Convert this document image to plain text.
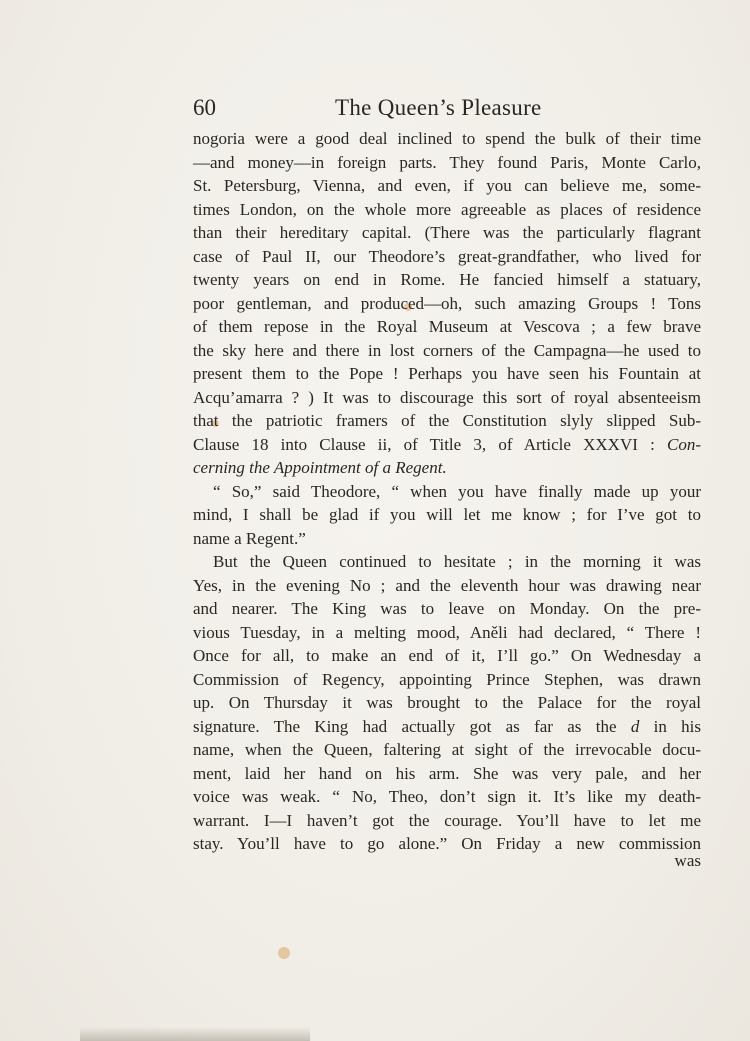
60	The Queen’s Pleasure
nogoria were a good deal inclined to spend the bulk of their time
—and money—in foreign parts. They found Paris, Monte Carlo,
St. Petersburg, Vienna, and even, if you can believe me, some-
times London, on the whole more agreeable as places of residence
than their hereditary capital. (There was the particularly flagrant
case of Paul II, our Theodore’s great-grandfather, who lived for
twenty years on end in Rome. He fancied himself a statuary,
poor gentleman, and produced—oh, such amazing Groups ! Tons
of them repose in the Royal Museum at Vescova ; a few brave
the sky here and there in lost corners of the Campagna—he used to
present them to the Pope ! Perhaps you have seen his Fountain at
Acqu’amarra ? ) It was to discourage this sort of royal absenteeism
that the patriotic framers of the Constitution slyly slipped Sub-
Clause 18 into Clause ii, of Title 3, of Article XXXVI : Con-
cerning the Appointment of a Regent.
“ So,” said Theodore, “ when you have finally made up your
mind, I shall be glad if you will let me know ; for I’ve got to
name a Regent.”
But the Queen continued to hesitate ; in the morning it was
Yes, in the evening No ; and the eleventh hour was drawing near
and nearer. The King was to leave on Monday. On the pre-
vious Tuesday, in a melting mood, Aněli had declared, “ There !
Once for all, to make an end of it, I’ll go.” On Wednesday a
Commission of Regency, appointing Prince Stephen, was drawn
up. On Thursday it was brought to the Palace for the royal
signature. The King had actually got as far as the d in his
name, when the Queen, faltering at sight of the irrevocable docu-
ment, laid her hand on his arm. She was very pale, and her
voice was weak. “ No, Theo, don’t sign it. It’s like my death-
warrant. I—I haven’t got the courage. You’ll have to let me
stay. You’ll have to go alone.” On Friday a new commission
was
